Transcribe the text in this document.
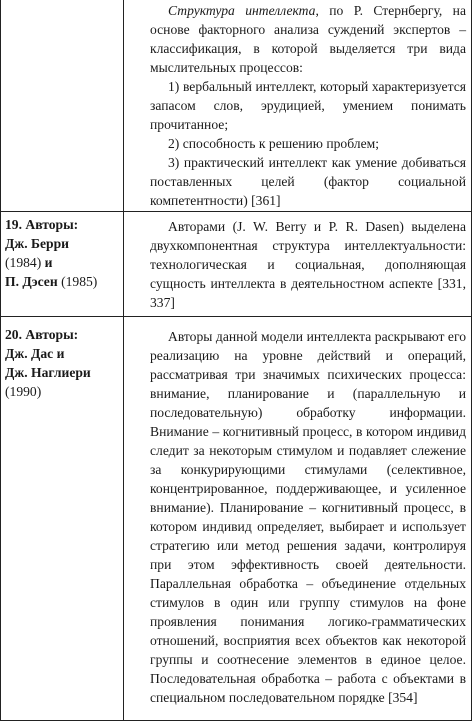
Структура интеллекта, по Р. Стернбергу, на основе факторного анализа суждений экспертов – классификация, в которой выделяется три вида мыслительных процессов:

1) вербальный интеллект, который характеризуется запасом слов, эрудицией, умением понимать прочитанное;

2) способность к решению проблем;

3) практический интеллект как умение добиваться поставленных целей (фактор социальной компетентности) [361]

19. Авторы:
Дж. Берри
(1984) и
П. Дэсен (1985)

Авторами (J. W. Berry и P. R. Dasen) выделена двухкомпонентная структура интеллектуальности: технологическая и социальная, дополняющая сущность интеллекта в деятельностном аспекте [331, 337]

20. Авторы:
Дж. Дас и
Дж. Наглиери
(1990)

Авторы данной модели интеллекта раскрывают его реализацию на уровне действий и операций, рассматривая три значимых психических процесса: внимание, планирование и (параллельную и последовательную) обработку информации. Внимание – когнитивный процесс, в котором индивид следит за некоторым стимулом и подавляет слежение за конкурирующими стимулами (селективное, концентрированное, поддерживающее, и усиленное внимание). Планирование – когнитивный процесс, в котором индивид определяет, выбирает и использует стратегию или метод решения задачи, контролируя при этом эффективность своей деятельности. Параллельная обработка – объединение отдельных стимулов в один или группу стимулов на фоне проявления понимания логико-грамматических отношений, восприятия всех объектов как некоторой группы и соотнесение элементов в единое целое. Последовательная обработка – работа с объектами в специальном последовательном порядке [354]
